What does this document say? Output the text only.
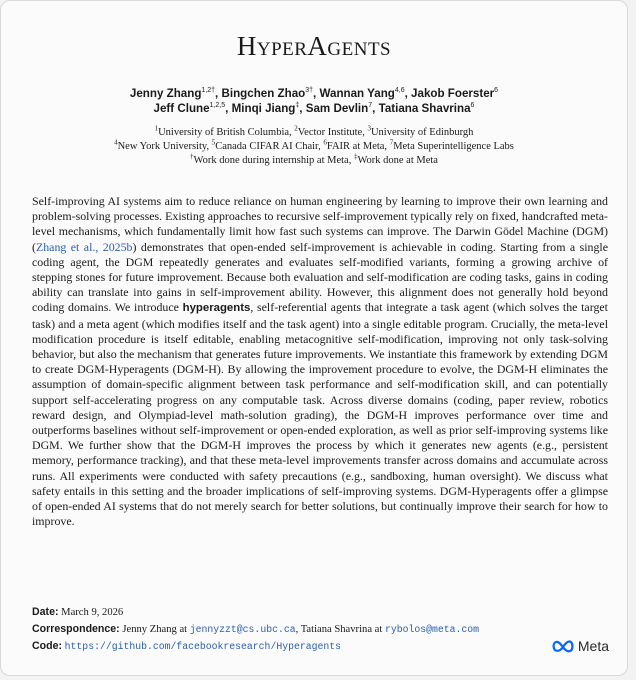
HyperAgents
Jenny Zhang$^{1,2\dagger}$, Bingchen Zhao$^{3\dagger}$, Wannan Yang$^{4,6}$, Jakob Foerster$^6$
Jeff Clune$^{1,2,5}$, Minqi Jiang‡, Sam Devlin$^7$, Tatiana Shavrina$^6$
$^1$University of British Columbia, $^2$Vector Institute, $^3$University of Edinburgh
$^4$New York University, $^5$Canada CIFAR AI Chair, $^6$FAIR at Meta, $^7$Meta Superintelligence Labs
†Work done during internship at Meta, ‡Work done at Meta
Self-improving AI systems aim to reduce reliance on human engineering by learning to improve their own learning and problem-solving processes. Existing approaches to recursive self-improvement typically rely on fixed, handcrafted meta-level mechanisms, which fundamentally limit how fast such systems can improve. The Darwin Gödel Machine (DGM) (Zhang et al., 2025b) demonstrates that open-ended self-improvement is achievable in coding. Starting from a single coding agent, the DGM repeatedly generates and evaluates self-modified variants, forming a growing archive of stepping stones for future improvement. Because both evaluation and self-modification are coding tasks, gains in coding ability can translate into gains in self-improvement ability. However, this alignment does not generally hold beyond coding domains. We introduce hyperagents, self-referential agents that integrate a task agent (which solves the target task) and a meta agent (which modifies itself and the task agent) into a single editable program. Crucially, the meta-level modification procedure is itself editable, enabling metacognitive self-modification, improving not only task-solving behavior, but also the mechanism that generates future improvements. We instantiate this framework by extending DGM to create DGM-Hyperagents (DGM-H). By allowing the improvement procedure to evolve, the DGM-H eliminates the assumption of domain-specific alignment between task performance and self-modification skill, and can potentially support self-accelerating progress on any computable task. Across diverse domains (coding, paper review, robotics reward design, and Olympiad-level math-solution grading), the DGM-H improves performance over time and outperforms baselines without self-improvement or open-ended exploration, as well as prior self-improving systems like DGM. We further show that the DGM-H improves the process by which it generates new agents (e.g., persistent memory, performance tracking), and that these meta-level improvements transfer across domains and accumulate across runs. All experiments were conducted with safety precautions (e.g., sandboxing, human oversight). We discuss what safety entails in this setting and the broader implications of self-improving systems. DGM-Hyperagents offer a glimpse of open-ended AI systems that do not merely search for better solutions, but continually improve their search for how to improve.
Date: March 9, 2026
Correspondence: Jenny Zhang at jennyzzt@cs.ubc.ca, Tatiana Shavrina at rybolos@meta.com
Code: https://github.com/facebookresearch/Hyperagents	Meta
